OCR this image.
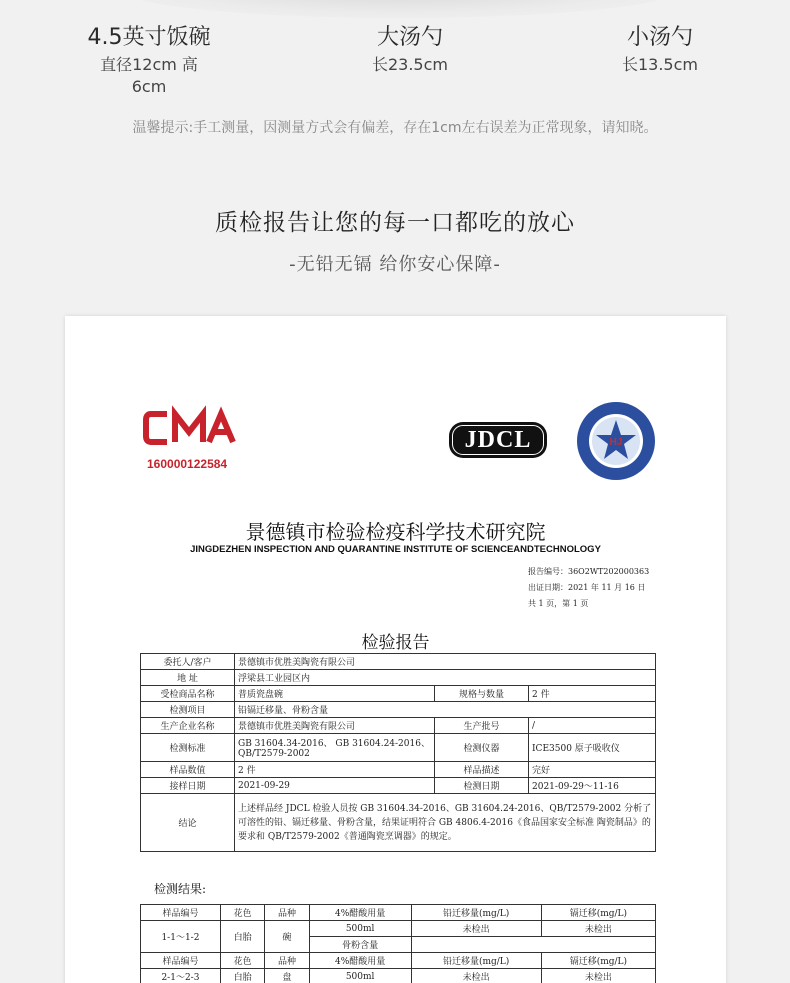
4.5英寸饭碗
直径12cm 高6cm
大汤勺
长23.5cm
小汤勺
长13.5cm
温馨提示:手工测量，因测量方式会有偏差，存在1cm左右误差为正常现象，请知晓。
质检报告让您的每一口都吃的放心
-无铅无镉 给你安心保障-
160000122584
JDCL	HJ
景德镇市检验检疫科学技术研究院
JINGDEZHEN INSPECTION AND QUARANTINE INSTITUTE OF SCIENCEANDTECHNOLOGY
报告编号：36O2WT202000363
出证日期：2021 年 11 月 16 日
共 1 页，第 1 页
检验报告
委托人/客户	景德镇市优胜美陶瓷有限公司		
地 址	浮梁县工业园区内		
受检商品名称	普质瓷盘碗	规格与数量	2 件
检测项目	铅镉迁移量、骨粉含量		
生产企业名称	景德镇市优胜美陶瓷有限公司	生产批号	/
检测标准	GB 31604.34-2016、 GB 31604.24-2016、QB/T2579-2002	检测仪器	ICE3500 原子吸收仪
样品数值	2 件	样品描述	完好
接样日期	2021-09-29	检测日期	2021-09-29～11-16
结论	上述样品经 JDCL 检验人员按 GB 31604.34-2016、GB 31604.24-2016、QB/T2579-2002 分析了可溶性的铅、镉迁移量、骨粉含量，结果证明符合 GB 4806.4-2016《食品国家安全标准 陶瓷制品》的要求和 QB/T2579-2002《普通陶瓷烹调器》的规定。		
检测结果:
样品编号	花色	品种	4%醋酸用量	铅迁移量(mg/L)	镉迁移(mg/L)
1-1～1-2	白胎	碗	500ml	未检出	未检出
			骨粉含量		
样品编号	花色	品种	4%醋酸用量	铅迁移量(mg/L)	镉迁移(mg/L)
2-1～2-3	白胎	盘	500ml	未检出	未检出
